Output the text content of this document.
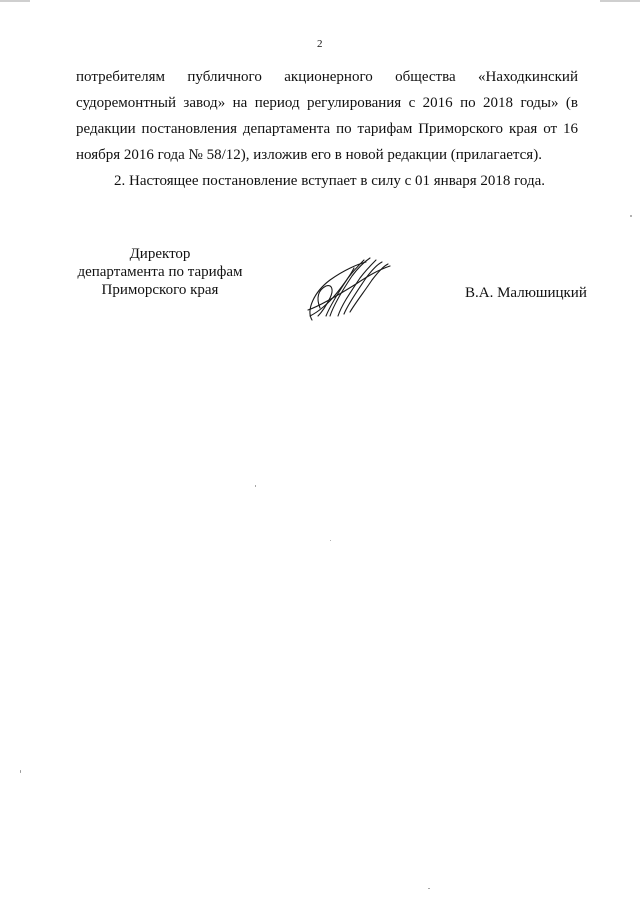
2

потребителям публичного акционерного общества «Находкинский
судоремонтный завод» на период регулирования с 2016 по 2018 годы» (в
редакции постановления департамента по тарифам Приморского края от 16
ноября 2016 года № 58/12), изложив его в новой редакции (прилагается).

2. Настоящее постановление вступает в силу с 01 января 2018 года.

Директор
департамента по тарифам
Приморского края	В.А. Малюшицкий
